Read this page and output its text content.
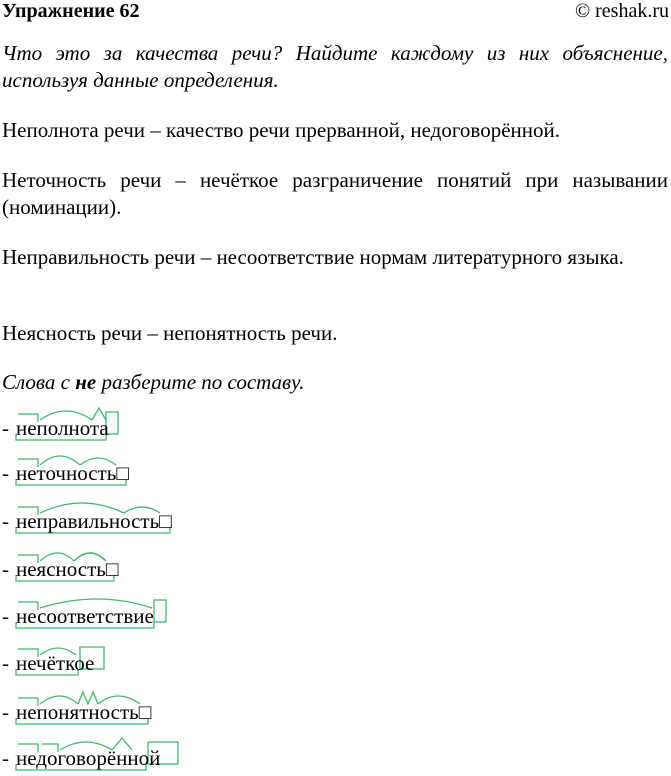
Упражнение 62	© reshak.ru
Что это за качества речи? Найдите каждому из них объяснение, используя данные определения.
Неполнота речи – качество речи прерванной, недоговорённой.
Неточность речи – нечёткое разграничение понятий при назывании (номинации).
Неправильность речи – несоответствие нормам литературного языка.
Неясность речи – непонятность речи.
Слова с не разберите по составу.
- неполнота
- неточность□
- неправильность□
- неясность□
- несоответствие
- нечёткое
- непонятность□
- недоговорённой
